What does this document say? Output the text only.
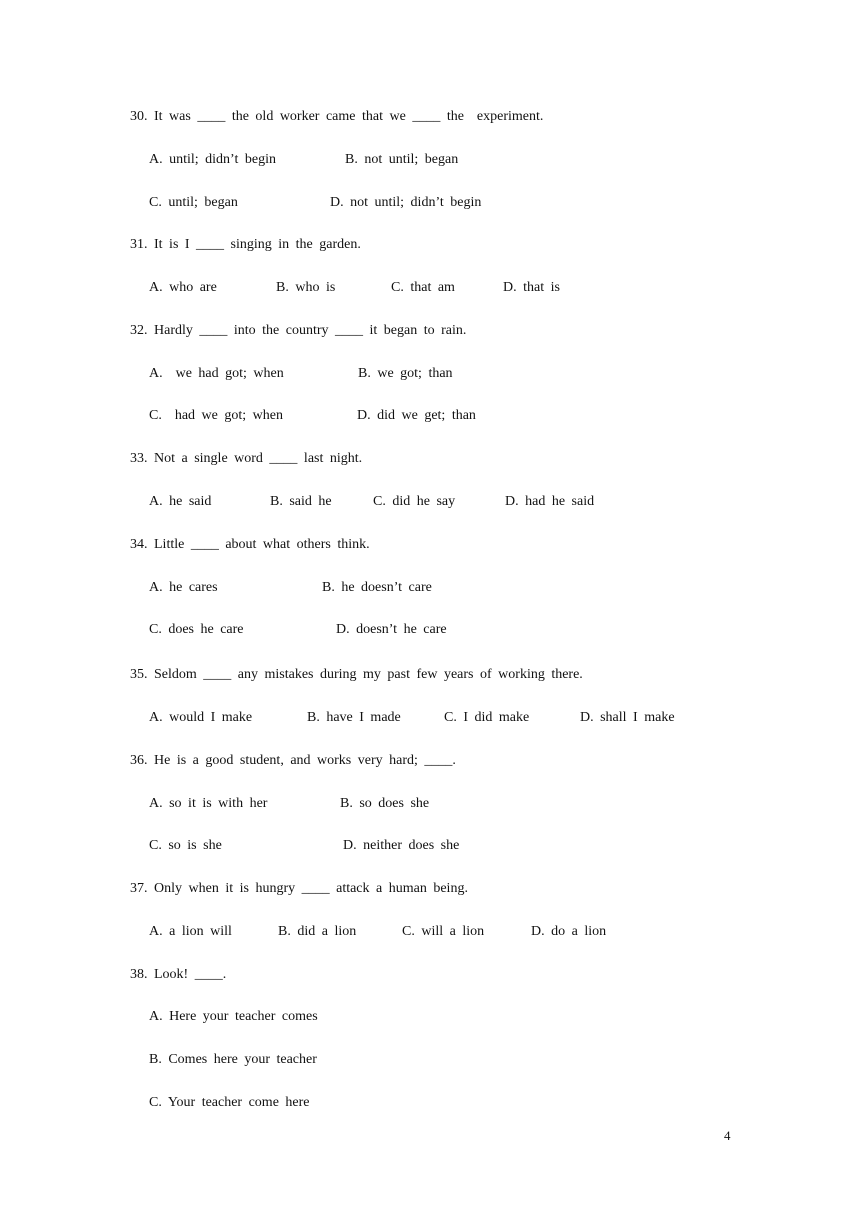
30. It was ____ the old worker came that we ____ the  experiment.
A. until; didn’t begin	B. not until; began
C. until; began	D. not until; didn’t begin
31. It is I ____ singing in the garden.
A. who are	B. who is	C. that am	D. that is
32. Hardly ____ into the country ____ it began to rain.
A.  we had got; when	B. we got; than
C.  had we got; when	D. did we get; than
33. Not a single word ____ last night.
A. he said	B. said he	C. did he say	D. had he said
34. Little ____ about what others think.
A. he cares	B. he doesn’t care
C. does he care	D. doesn’t he care
35. Seldom ____ any mistakes during my past few years of working there.
A. would I make	B. have I made	C. I did make	D. shall I make
36. He is a good student, and works very hard; ____.
A. so it is with her	B. so does she
C. so is she	D. neither does she
37. Only when it is hungry ____ attack a human being.
A. a lion will	B. did a lion	C. will a lion	D. do a lion
38. Look! ____.
A. Here your teacher comes
B. Comes here your teacher
C. Your teacher come here
4
